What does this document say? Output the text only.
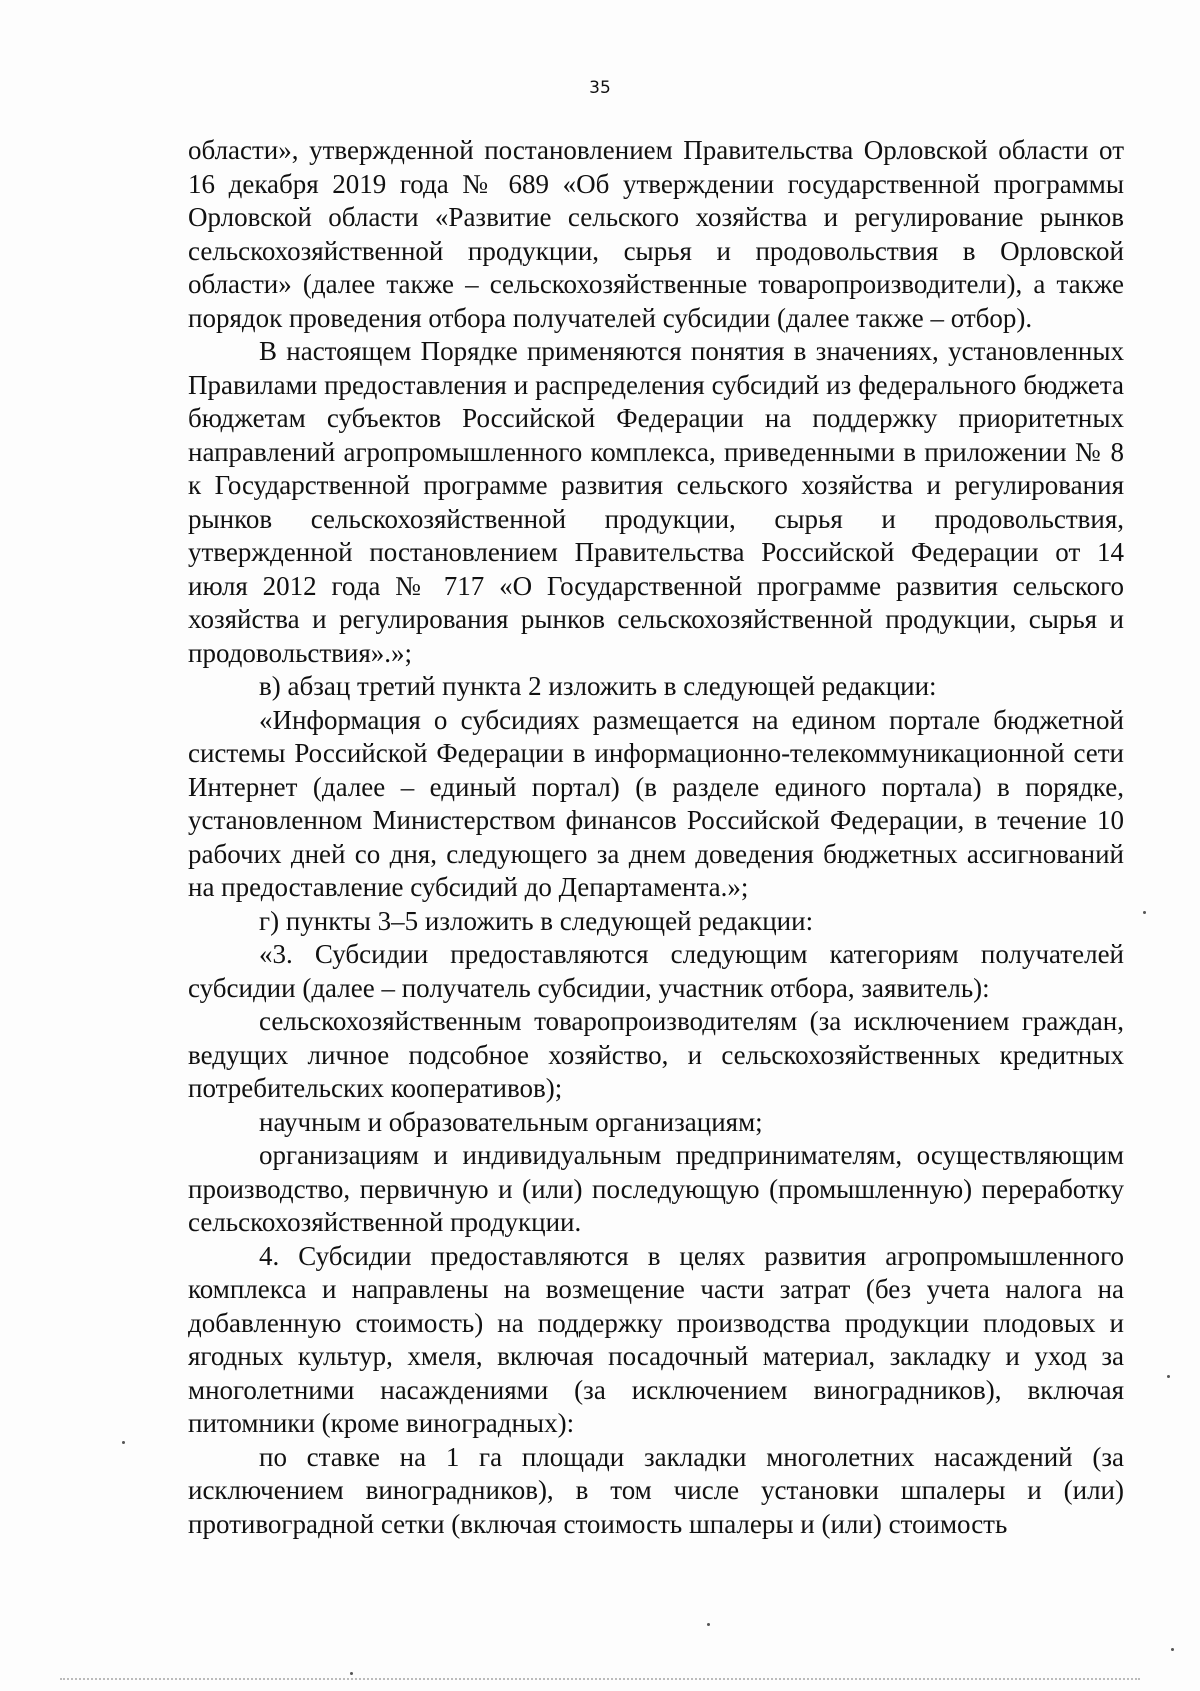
35

области», утвержденной постановлением Правительства Орловской области от 16 декабря 2019 года № 689 «Об утверждении государственной программы Орловской области «Развитие сельского хозяйства и регулирование рынков сельскохозяйственной продукции, сырья и продовольствия в Орловской области» (далее также – сельскохозяйственные товаропроизводители), а также порядок проведения отбора получателей субсидии (далее также – отбор).

В настоящем Порядке применяются понятия в значениях, установленных Правилами предоставления и распределения субсидий из федерального бюджета бюджетам субъектов Российской Федерации на поддержку приоритетных направлений агропромышленного комплекса, приведенными в приложении № 8 к Государственной программе развития сельского хозяйства и регулирования рынков сельскохозяйственной продукции, сырья и продовольствия, утвержденной постановлением Правительства Российской Федерации от 14 июля 2012 года № 717 «О Государственной программе развития сельского хозяйства и регулирования рынков сельскохозяйственной продукции, сырья и продовольствия».»;

в) абзац третий пункта 2 изложить в следующей редакции:

«Информация о субсидиях размещается на едином портале бюджетной системы Российской Федерации в информационно-телекоммуникационной сети Интернет (далее – единый портал) (в разделе единого портала) в порядке, установленном Министерством финансов Российской Федерации, в течение 10 рабочих дней со дня, следующего за днем доведения бюджетных ассигнований на предоставление субсидий до Департамента.»;

г) пункты 3–5 изложить в следующей редакции:

«3. Субсидии предоставляются следующим категориям получателей субсидии (далее – получатель субсидии, участник отбора, заявитель):

сельскохозяйственным товаропроизводителям (за исключением граждан, ведущих личное подсобное хозяйство, и сельскохозяйственных кредитных потребительских кооперативов);

научным и образовательным организациям;

организациям и индивидуальным предпринимателям, осуществляющим производство, первичную и (или) последующую (промышленную) переработку сельскохозяйственной продукции.

4. Субсидии предоставляются в целях развития агропромышленного комплекса и направлены на возмещение части затрат (без учета налога на добавленную стоимость) на поддержку производства продукции плодовых и ягодных культур, хмеля, включая посадочный материал, закладку и уход за многолетними насаждениями (за исключением виноградников), включая питомники (кроме виноградных):

по ставке на 1 га площади закладки многолетних насаждений (за исключением виноградников), в том числе установки шпалеры и (или) противоградной сетки (включая стоимость шпалеры и (или) стоимость
